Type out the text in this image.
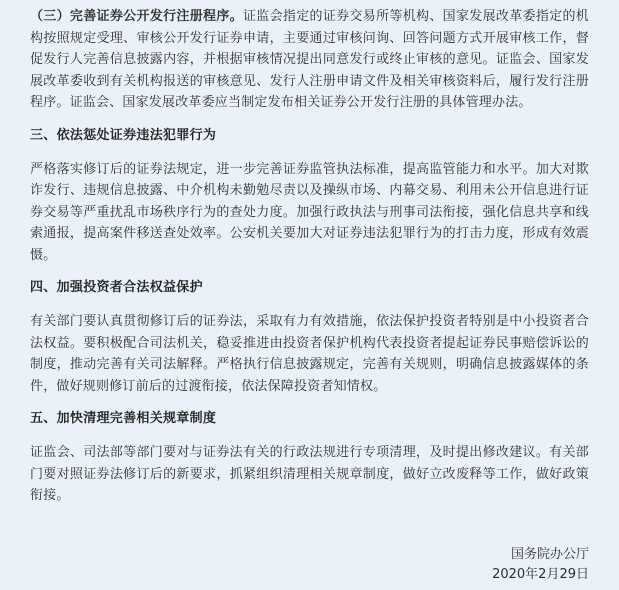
（三）完善证券公开发行注册程序。证监会指定的证券交易所等机构、国家发展改革委指定的机构按照规定受理、审核公开发行证券申请，主要通过审核问询、回答问题方式开展审核工作，督促发行人完善信息披露内容，并根据审核情况提出同意发行或终止审核的意见。证监会、国家发展改革委收到有关机构报送的审核意见、发行人注册申请文件及相关审核资料后，履行发行注册程序。证监会、国家发展改革委应当制定发布相关证券公开发行注册的具体管理办法。

三、依法惩处证券违法犯罪行为

严格落实修订后的证券法规定，进一步完善证券监管执法标准，提高监管能力和水平。加大对欺诈发行、违规信息披露、中介机构未勤勉尽责以及操纵市场、内幕交易、利用未公开信息进行证券交易等严重扰乱市场秩序行为的查处力度。加强行政执法与刑事司法衔接，强化信息共享和线索通报，提高案件移送查处效率。公安机关要加大对证券违法犯罪行为的打击力度，形成有效震慑。

四、加强投资者合法权益保护

有关部门要认真贯彻修订后的证券法，采取有力有效措施，依法保护投资者特别是中小投资者合法权益。要积极配合司法机关，稳妥推进由投资者保护机构代表投资者提起证券民事赔偿诉讼的制度，推动完善有关司法解释。严格执行信息披露规定，完善有关规则，明确信息披露媒体的条件，做好规则修订前后的过渡衔接，依法保障投资者知情权。

五、加快清理完善相关规章制度

证监会、司法部等部门要对与证券法有关的行政法规进行专项清理，及时提出修改建议。有关部门要对照证券法修订后的新要求，抓紧组织清理相关规章制度，做好立改废释等工作，做好政策衔接。

国务院办公厅
2020年2月29日
